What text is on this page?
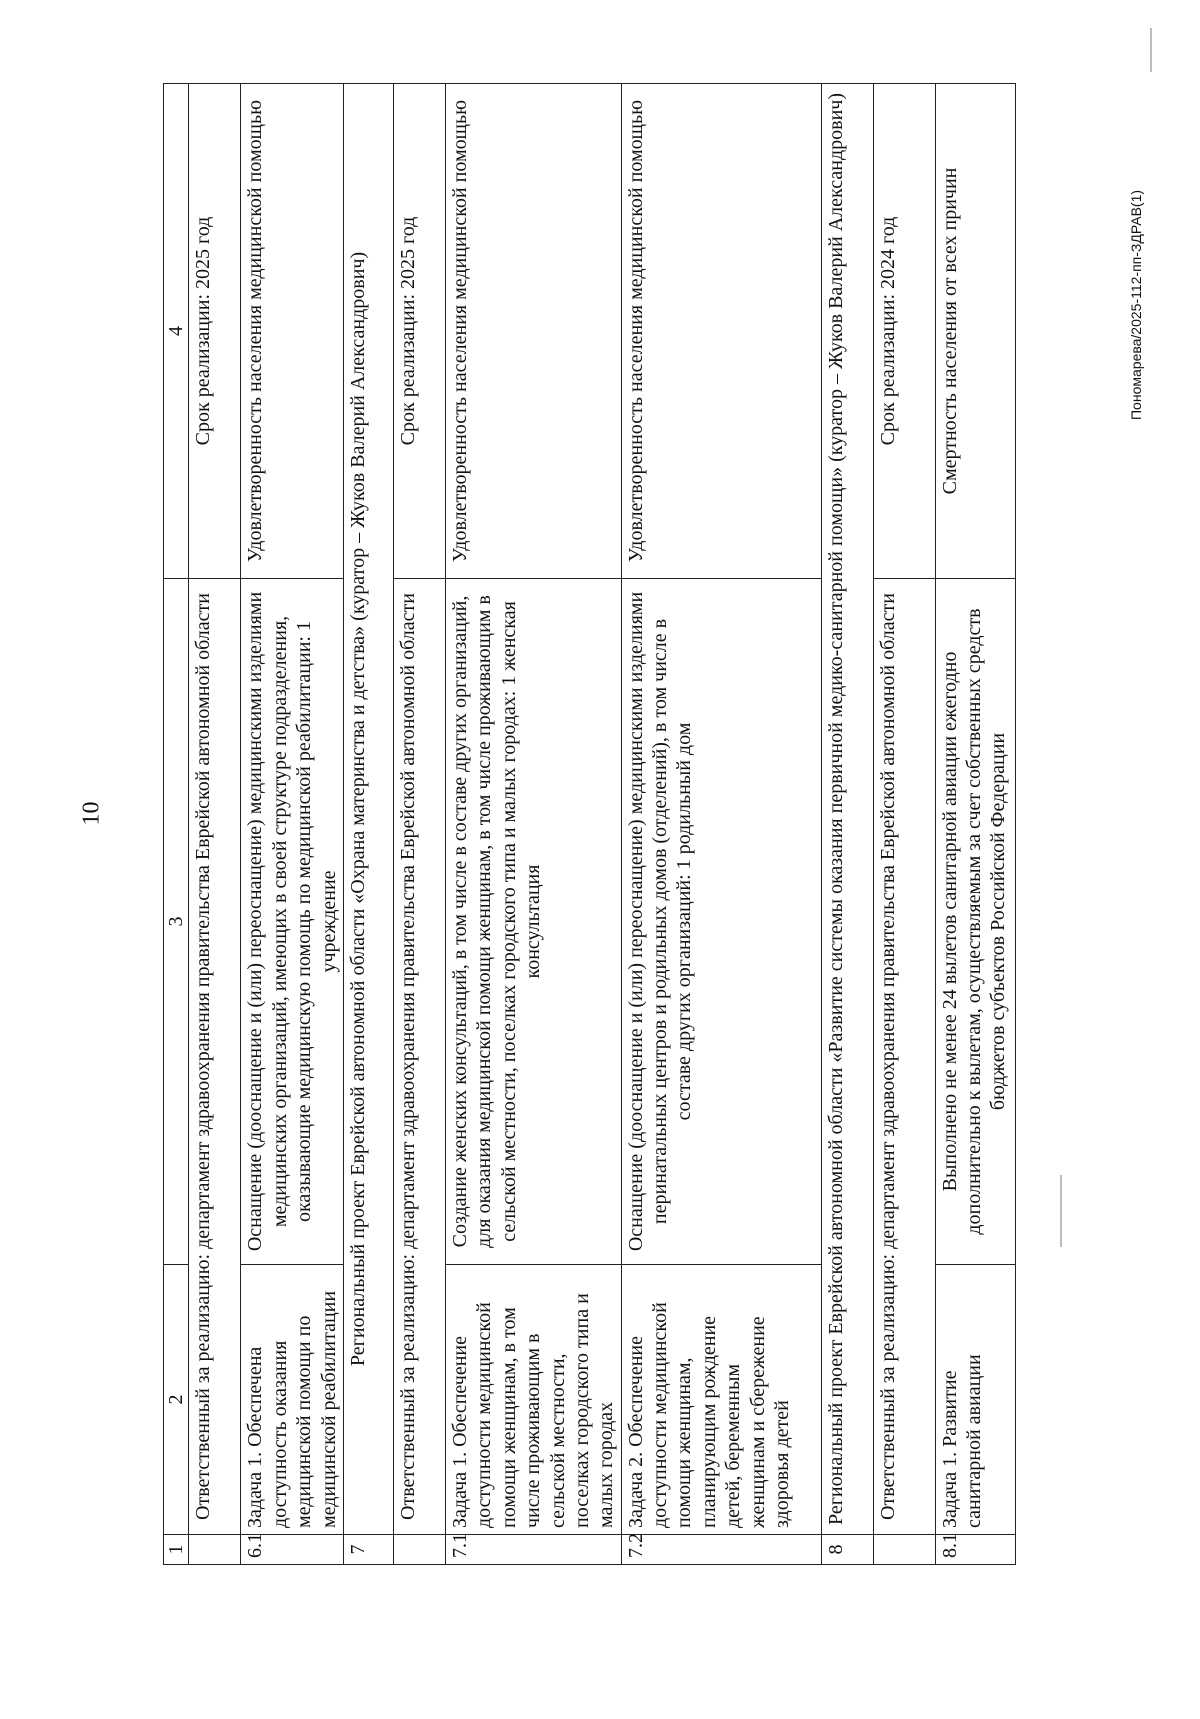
10
1	2	3	4
	Ответственный за реализацию: департамент здравоохранения правительства Еврейской автономной области		Срок реализации: 2025 год
6.1	Задача 1. Обеспечена доступность оказания медицинской помощи по медицинской реабилитации	Оснащение (дооснащение и (или) переоснащение) медицинскими изделиями медицинских организаций, имеющих в своей структуре подразделения, оказывающие медицинскую помощь по медицинской реабилитации: 1 учреждение	Удовлетворенность населения медицинской помощью
7	Региональный проект Еврейской автономной области «Охрана материнства и детства» (куратор – Жуков Валерий Александрович)		
	Ответственный за реализацию: департамент здравоохранения правительства Еврейской автономной области		Срок реализации: 2025 год
7.1	Задача 1. Обеспечение доступности медицинской помощи женщинам, в том числе проживающим в сельской местности, поселках городского типа и малых городах	Создание женских консультаций, в том числе в составе других организаций, для оказания медицинской помощи женщинам, в том числе проживающим в сельской местности, поселках городского типа и малых городах: 1 женская консультация	Удовлетворенность населения медицинской помощью
7.2	Задача 2. Обеспечение доступности медицинской помощи женщинам, планирующим рождение детей, беременным женщинам и сбережение здоровья детей	Оснащение (дооснащение и (или) переоснащение) медицинскими изделиями перинатальных центров и родильных домов (отделений), в том числе в составе других организаций: 1 родильный дом	Удовлетворенность населения медицинской помощью
8	Региональный проект Еврейской автономной области «Развитие системы оказания первичной медико-санитарной помощи» (куратор – Жуков Валерий Александрович)		
	Ответственный за реализацию: департамент здравоохранения правительства Еврейской автономной области		Срок реализации: 2024 год
8.1	Задача 1. Развитие санитарной авиации	Выполнено не менее 24 вылетов санитарной авиации ежегодно дополнительно к вылетам, осуществляемым за счет собственных средств бюджетов субъектов Российской Федерации	Смертность населения от всех причин	Пономарева/2025-112-пп-ЗДРАВ(1)
